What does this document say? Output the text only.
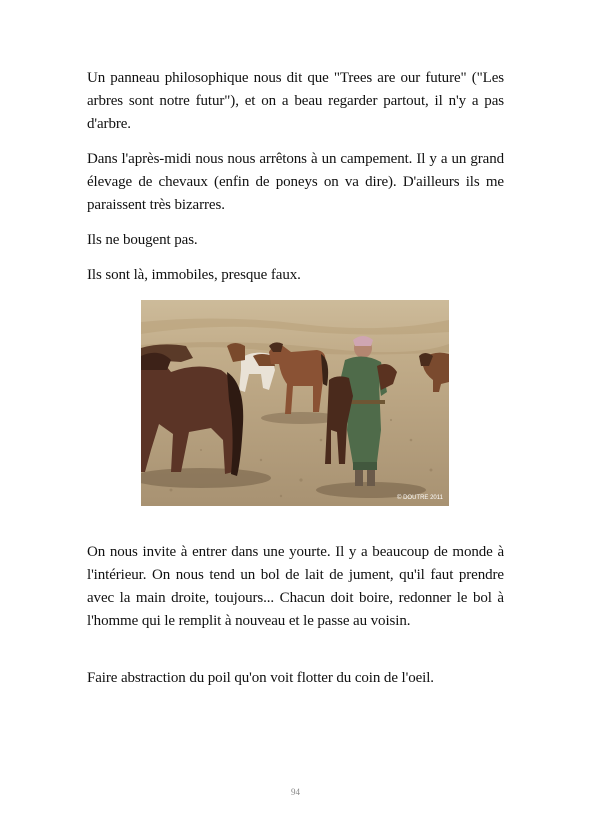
Un panneau philosophique nous dit que "Trees are our future" ("Les arbres sont notre futur"), et on a beau regarder partout, il n'y a pas d'arbre.

Dans l'après-midi nous nous arrêtons à un campement. Il y a un grand élevage de chevaux (enfin de poneys on va dire). D'ailleurs ils me paraissent très bizarres.

Ils ne bougent pas.

Ils sont là, immobiles, presque faux.

© DOUTRE 2011

On nous invite à entrer dans une yourte. Il y a beaucoup de monde à l'intérieur. On nous tend un bol de lait de jument, qu'il faut prendre avec la main droite, toujours... Chacun doit boire, redonner le bol à l'homme qui le remplit à nouveau et le passe au voisin.

Faire abstraction du poil qu'on voit flotter du coin de l'oeil.

94
